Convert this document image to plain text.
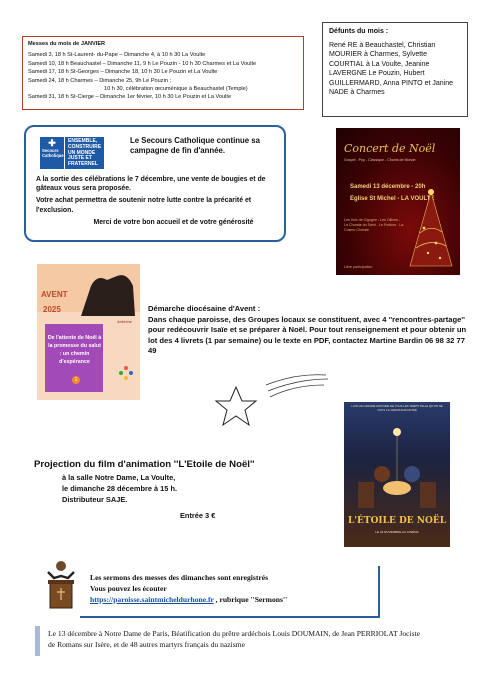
Messes du mois de JANVIER
Samedi 3, 18 h St-Laurent- du-Pape – Dimanche 4, à 10 h 30 La Voulte
Samedi 10, 18 h Beauchastel – Dimanche 11, 9 h Le Pouzin - 10 h 30 Charmes et La Voulte
Samedi 17, 18 h St-Georges – Dimanche 18, 10 h 30 Le Pouzin et La Voulte
Samedi 24, 18 h Charmes – Dimanche 25, 9h Le Pouzin ;
10 h 30, célébration œcuménique à Beauchastel (Temple)
Samedi 31, 18 h St-Cierge – Dimanche 1er février, 10 h 30 Le Pouzin et La Voulte
Défunts du mois :
René RE à Beauchastel, Christian MOURIER à Charmes, Sylvette COURTIAL à La Voulte, Jeanine LAVERGNE Le Pouzin, Hubert GUILLERMARD, Anna PINTO et Janine NADE à Charmes
✚
Secours Catholique
ENSEMBLE, CONSTRUIRE UN MONDE JUSTE ET FRATERNEL
Le Secours Catholique continue sa campagne de fin d'année.

A la sortie des célébrations le 7 décembre, une vente de bougies et de gâteaux vous sera proposée.

Votre achat permettra de soutenir notre lutte contre la précarité et l'exclusion.

Merci de votre bon accueil et de votre générosité

Concert de Noël
Gospel - Pop - Classique - Chants de Monde
Samedi 13 décembre - 20h
Eglise St Michel - LA VOULTE
Les Voix de Cigogne - Les Ollines - La Chorale du Saint - Le Podium - La Cosmo Chorale
Libre participation
AVENT
2025
De l'attente de Noël à la promesse du salut : un chemin d'espérance
1
Ardèche
Démarche diocésaine d'Avent :
Dans chaque paroisse, des Groupes locaux se constituent, avec 4 ''rencontres-partage'' pour redécouvrir Isaïe et se préparer à Noël. Pour tout renseignement et pour obtenir un lot des 4 livrets (1 par semaine) ou le texte en PDF, contactez Martine Bardin 06 98 32 77 49
LA PLUS GRANDE HISTOIRE DE TOUS LES TEMPS TELLE QU'ON NE VOUS L'A JAMAIS RACONTÉE
L'ÉTOILE DE NOËL
LE 26 NOVEMBRE AU CINÉMA
Projection du film d'animation ''L'Etoile de Noël''
à la salle Notre Dame, La Voulte,
le dimanche 28 décembre à 15 h.
Distributeur SAJE.
Entrée 3 €
Les sermons des messes des dimanches sont enregistrés
Vous pouvez les écouter
https://paroisse.saintmicheldurhone.fr , rubrique ''Sermons''
Le 13 décembre à Notre Dame de Paris, Béatification du prêtre ardéchois Louis DOUMAIN, de Jean PERRIOLAT Jociste de Romans sur Isère, et de 48 autres martyrs français du nazisme
